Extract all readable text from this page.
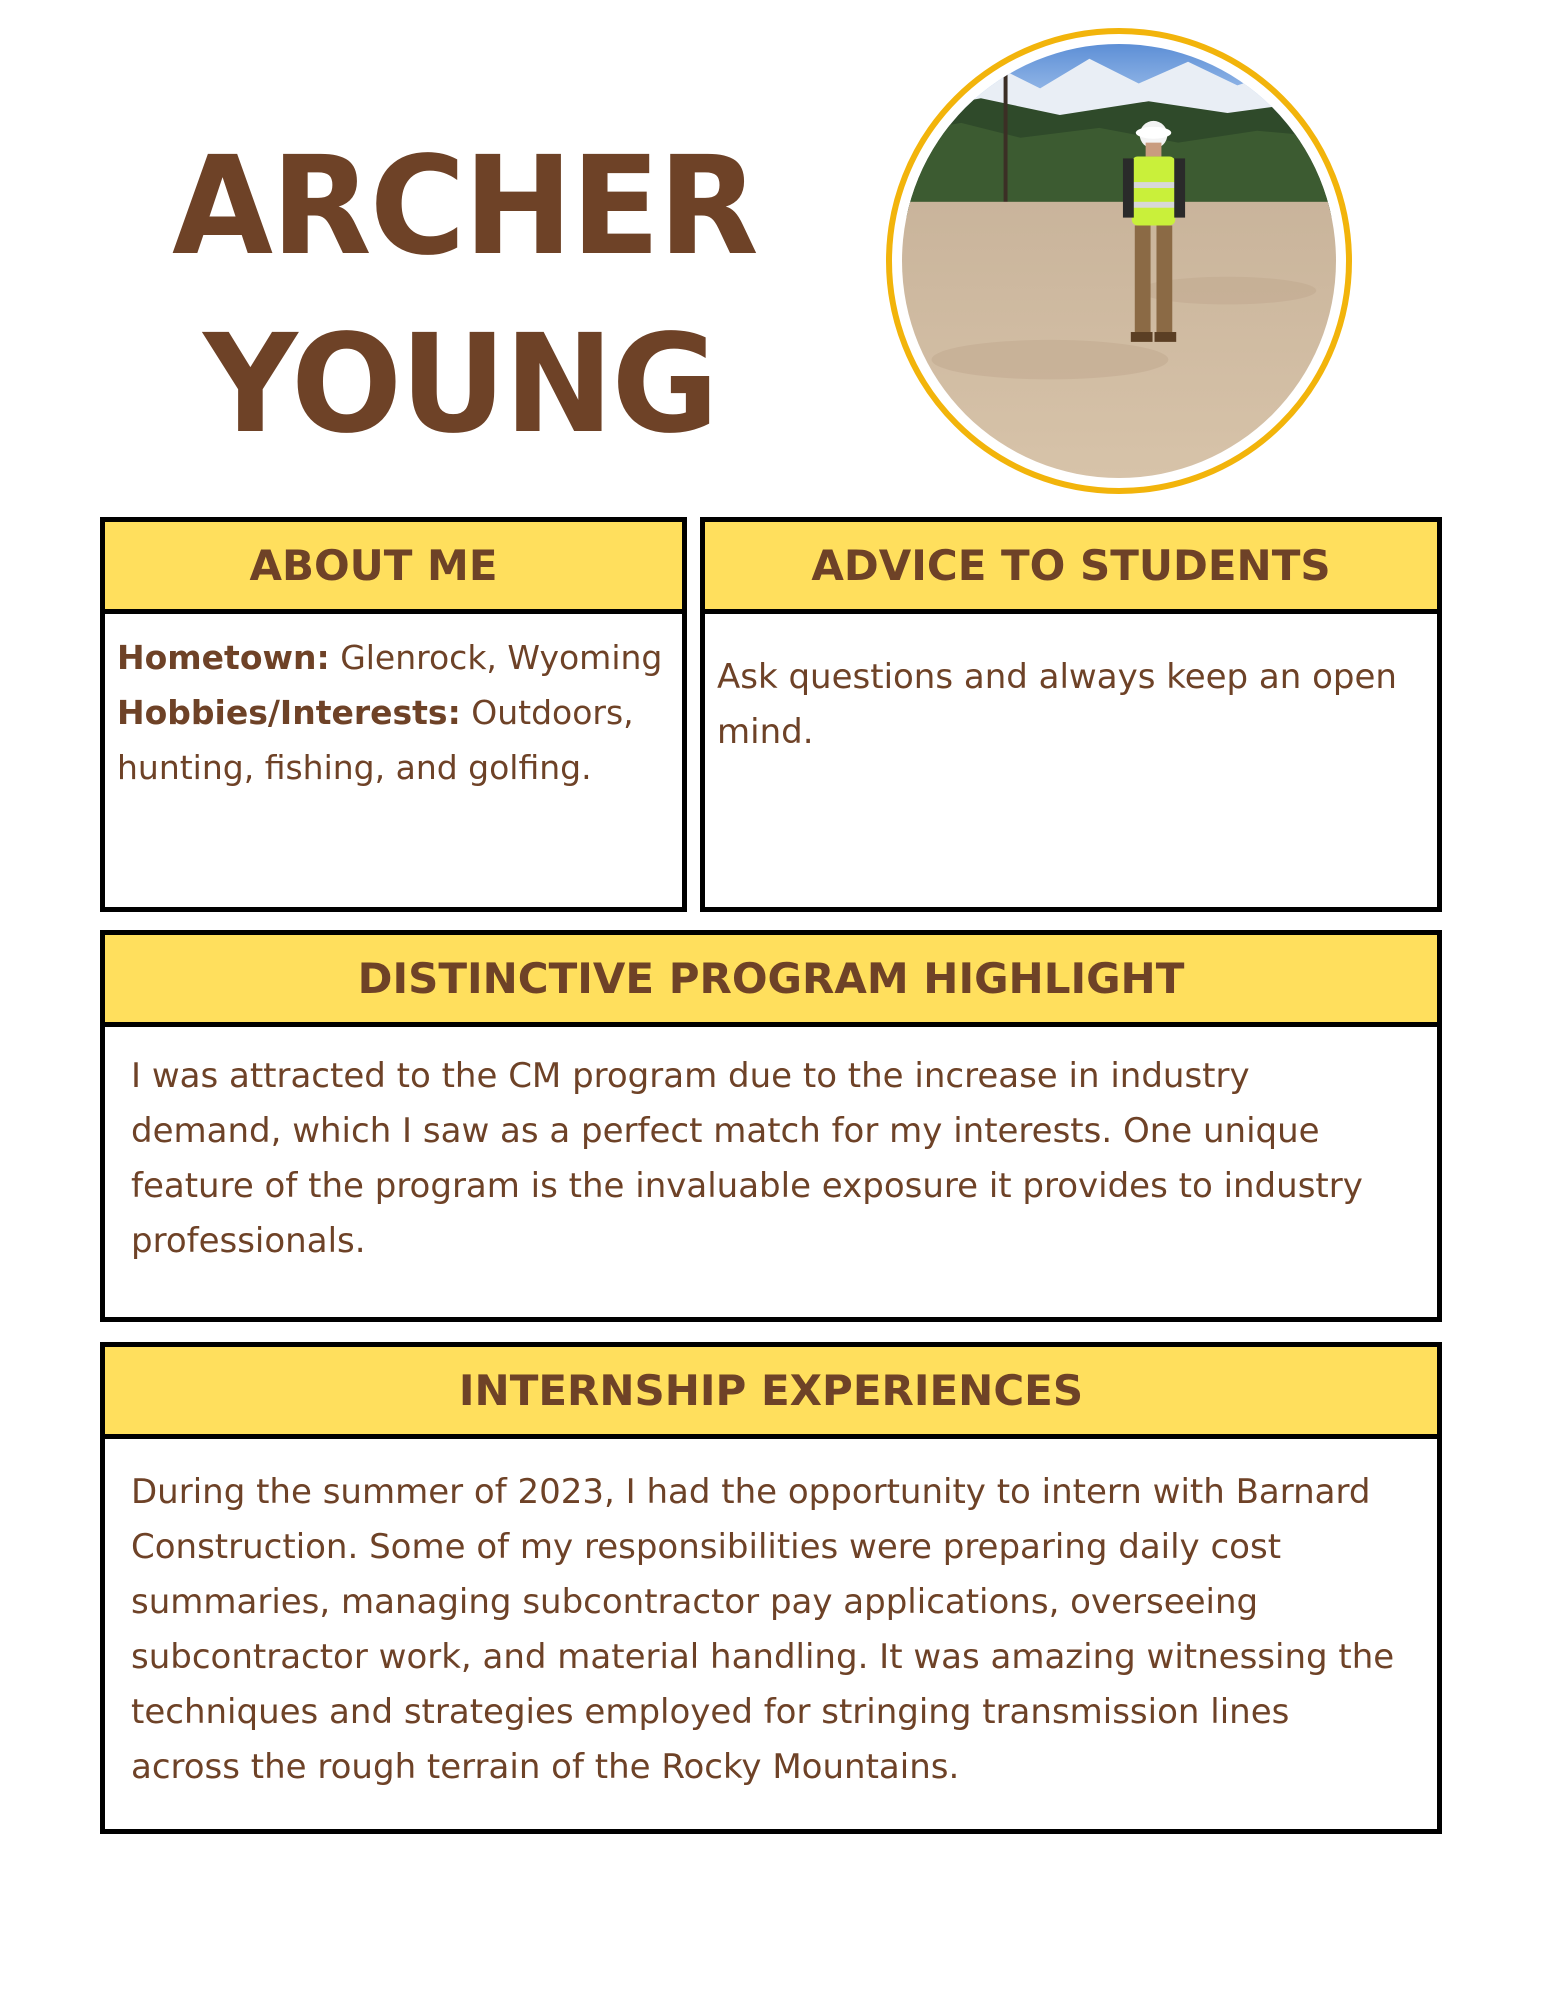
ARCHER
YOUNG
ABOUT ME
Hometown: Glenrock, Wyoming
Hobbies/Interests: Outdoors, hunting, fishing, and golfing.
ADVICE TO STUDENTS
Ask questions and always keep an open mind.
DISTINCTIVE PROGRAM HIGHLIGHT
I was attracted to the CM program due to the increase in industry demand, which I saw as a perfect match for my interests. One unique feature of the program is the invaluable exposure it provides to industry professionals.
INTERNSHIP EXPERIENCES
During the summer of 2023, I had the opportunity to intern with Barnard Construction. Some of my responsibilities were preparing daily cost summaries, managing subcontractor pay applications, overseeing subcontractor work, and material handling. It was amazing witnessing the techniques and strategies employed for stringing transmission lines across the rough terrain of the Rocky Mountains.
